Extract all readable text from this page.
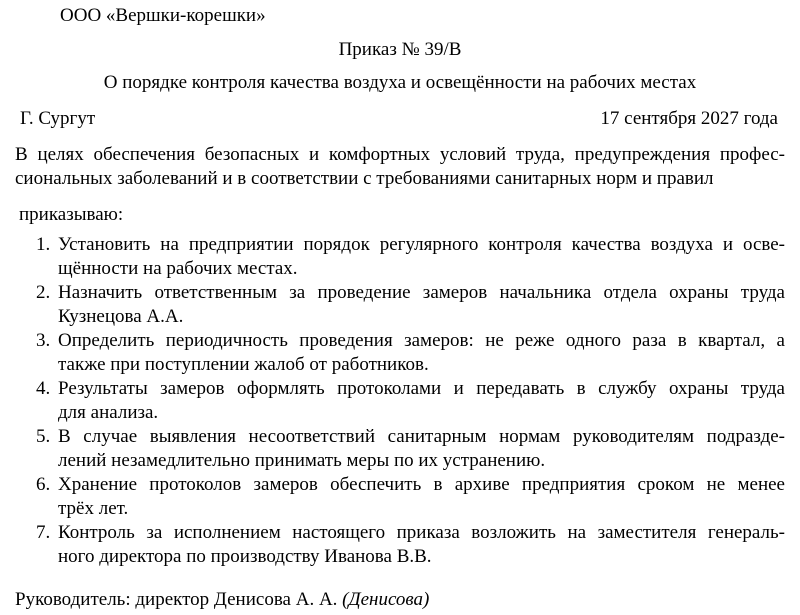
ООО «Вершки-корешки»
Приказ № 39/В
О порядке контроля качества воздуха и освещённости на рабочих местах
Г. Сургут	17 сентября 2027 года
В целях обеспечения безопасных и комфортных условий труда, предупреждения профес-
сиональных заболеваний и в соответствии с требованиями санитарных норм и правил
приказываю:
1. Установить на предприятии порядок регулярного контроля качества воздуха и осве-
щённости на рабочих местах.
2. Назначить ответственным за проведение замеров начальника отдела охраны труда
Кузнецова А.А.
3. Определить периодичность проведения замеров: не реже одного раза в квартал, а
также при поступлении жалоб от работников.
4. Результаты замеров оформлять протоколами и передавать в службу охраны труда
для анализа.
5. В случае выявления несоответствий санитарным нормам руководителям подразде-
лений незамедлительно принимать меры по их устранению.
6. Хранение протоколов замеров обеспечить в архиве предприятия сроком не менее
трёх лет.
7. Контроль за исполнением настоящего приказа возложить на заместителя генераль-
ного директора по производству Иванова В.В.
Руководитель: директор Денисова А. А. (Денисова)
